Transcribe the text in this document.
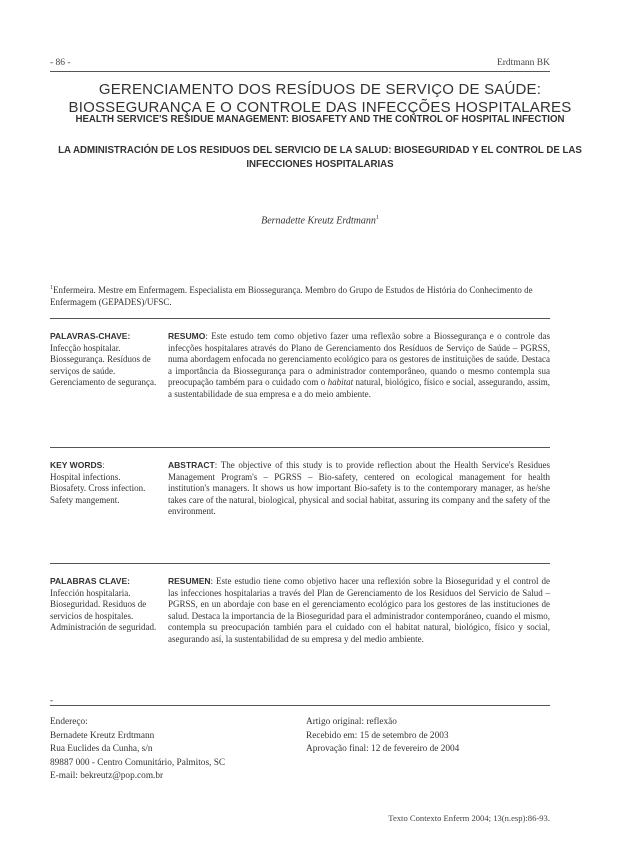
- 86 -	Erdtmann BK
GERENCIAMENTO DOS RESÍDUOS DE SERVIÇO DE SAÚDE:
BIOSSEGURANÇA E O CONTROLE DAS INFECÇÕES HOSPITALARES
HEALTH SERVICE'S RESIDUE MANAGEMENT: BIOSAFETY AND THE CONTROL OF HOSPITAL INFECTION
LA ADMINISTRACIÓN DE LOS RESIDUOS DEL SERVICIO DE LA SALUD: BIOSEGURIDAD Y EL CONTROL DE LAS INFECCIONES HOSPITALARIAS
Bernadette Kreutz Erdtmann$^1$
$^1$Enfermeira. Mestre em Enfermagem. Especialista em Biossegurança. Membro do Grupo de Estudos de História do Conhecimento de Enfermagem (GEPADES)/UFSC.
PALAVRAS-CHAVE:
Infecção hospitalar.
Biossegurança. Resíduos de serviços de saúde.
Gerenciamento de segurança.
RESUMO: Este estudo tem como objetivo fazer uma reflexão sobre a Biossegurança e o controle das infecções hospitalares através do Plano de Gerenciamento dos Resíduos de Serviço de Saúde – PGRSS, numa abordagem enfocada no gerenciamento ecológico para os gestores de instituições de saúde. Destaca a importância da Biossegurança para o administrador contemporâneo, quando o mesmo contempla sua preocupação também para o cuidado com o habitat natural, biológico, físico e social, assegurando, assim, a sustentabilidade de sua empresa e a do meio ambiente.
KEY WORDS:
Hospital infections.
Biosafety. Cross infection.
Safety mangement.
ABSTRACT: The objective of this study is to provide reflection about the Health Service's Residues Management Program's – PGRSS – Bio-safety, centered on ecological management for health institution's managers. It shows us how important Bio-safety is to the contemporary manager, as he/she takes care of the natural, biological, physical and social habitat, assuring its company and the safety of the environment.
PALABRAS CLAVE:
Infección hospitalaria.
Bioseguridad. Residuos de servicios de hospitales.
Administración de seguridad.
RESUMEN: Este estudio tiene como objetivo hacer una reflexión sobre la Bioseguridad y el control de las infecciones hospitalarias a través del Plan de Gerenciamento de los Residuos del Servicio de Salud – PGRSS, en un abordaje con base en el gerenciamento ecológico para los gestores de las instituciones de salud. Destaca la importancia de la Bioseguridad para el administrador contemporáneo, cuando el mismo, contempla su preocupación también para el cuidado con el habitat natural, biológico, físico y social, asegurando así, la sustentabilidad de su empresa y del medio ambiente.
-
Endereço:
Bernadete Kreutz Erdtmann
Rua Euclides da Cunha, s/n
89887 000 - Centro Comunitário, Palmitos, SC
E-mail: bekreutz@pop.com.br
Artigo original: reflexão
Recebido em: 15 de setembro de 2003
Aprovação final: 12 de fevereiro de 2004
Texto Contexto Enferm 2004; 13(n.esp):86-93.
